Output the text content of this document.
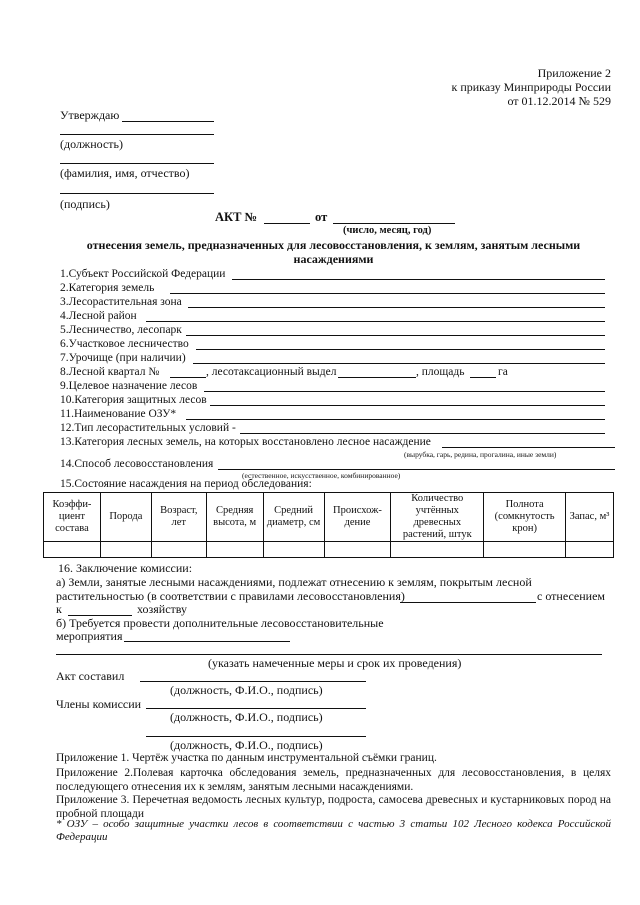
Приложение 2
к приказу Минприроды России
от 01.12.2014 № 529
Утверждаю
(должность)
(фамилия, имя, отчество)
(подпись)
АКТ №	от
(число, месяц, год)
отнесения земель, предназначенных для лесовосстановления, к землям, занятым лесными насаждениями
1.Субъект Российской Федерации
2.Категория земель
3.Лесорастительная зона
4.Лесной район
5.Лесничество, лесопарк
6.Участковое лесничество
7.Урочище (при наличии)
8.Лесной квартал №	, лесотаксационный выдел	, площадь	га
9.Целевое назначение лесов
10.Категория защитных лесов
11.Наименование ОЗУ*
12.Тип лесорастительных условий -
13.Категория лесных земель, на которых восстановлено лесное насаждение
(вырубка, гарь, редина, прогалина, иные земли)
14.Способ лесовосстановления
(естественное, искусственное, комбинированное)
15.Состояние насаждения на период обследования:
Коэффи-циент состава	Порода	Возраст, лет	Средняя высота, м	Средний диаметр, см	Происхож-дение	Количество учтённых древесных растений, штук	Полнота (сомкнутость крон)	Запас, м³

16. Заключение комиссии:
а) Земли, занятые лесными насаждениями, подлежат отнесению к землям, покрытым лесной
растительностью (в соответствии с правилами лесовосстановления)	с отнесением
к	хозяйству
б) Требуется провести дополнительные лесовосстановительные
мероприятия
(указать намеченные меры и срок их проведения)
Акт составил
(должность, Ф.И.О., подпись)
Члены комиссии
(должность, Ф.И.О., подпись)
(должность, Ф.И.О., подпись)
Приложение 1. Чертёж участка по данным инструментальной съёмки границ.
Приложение 2.Полевая карточка обследования земель, предназначенных для лесовосстановления, в целях последующего отнесения их к землям, занятым лесными насаждениями.
Приложение 3. Перечетная ведомость лесных культур, подроста, самосева древесных и кустарниковых пород на пробной площади
* ОЗУ – особо защитные участки лесов в соответствии с частью 3 статьи 102 Лесного кодекса Российской Федерации
